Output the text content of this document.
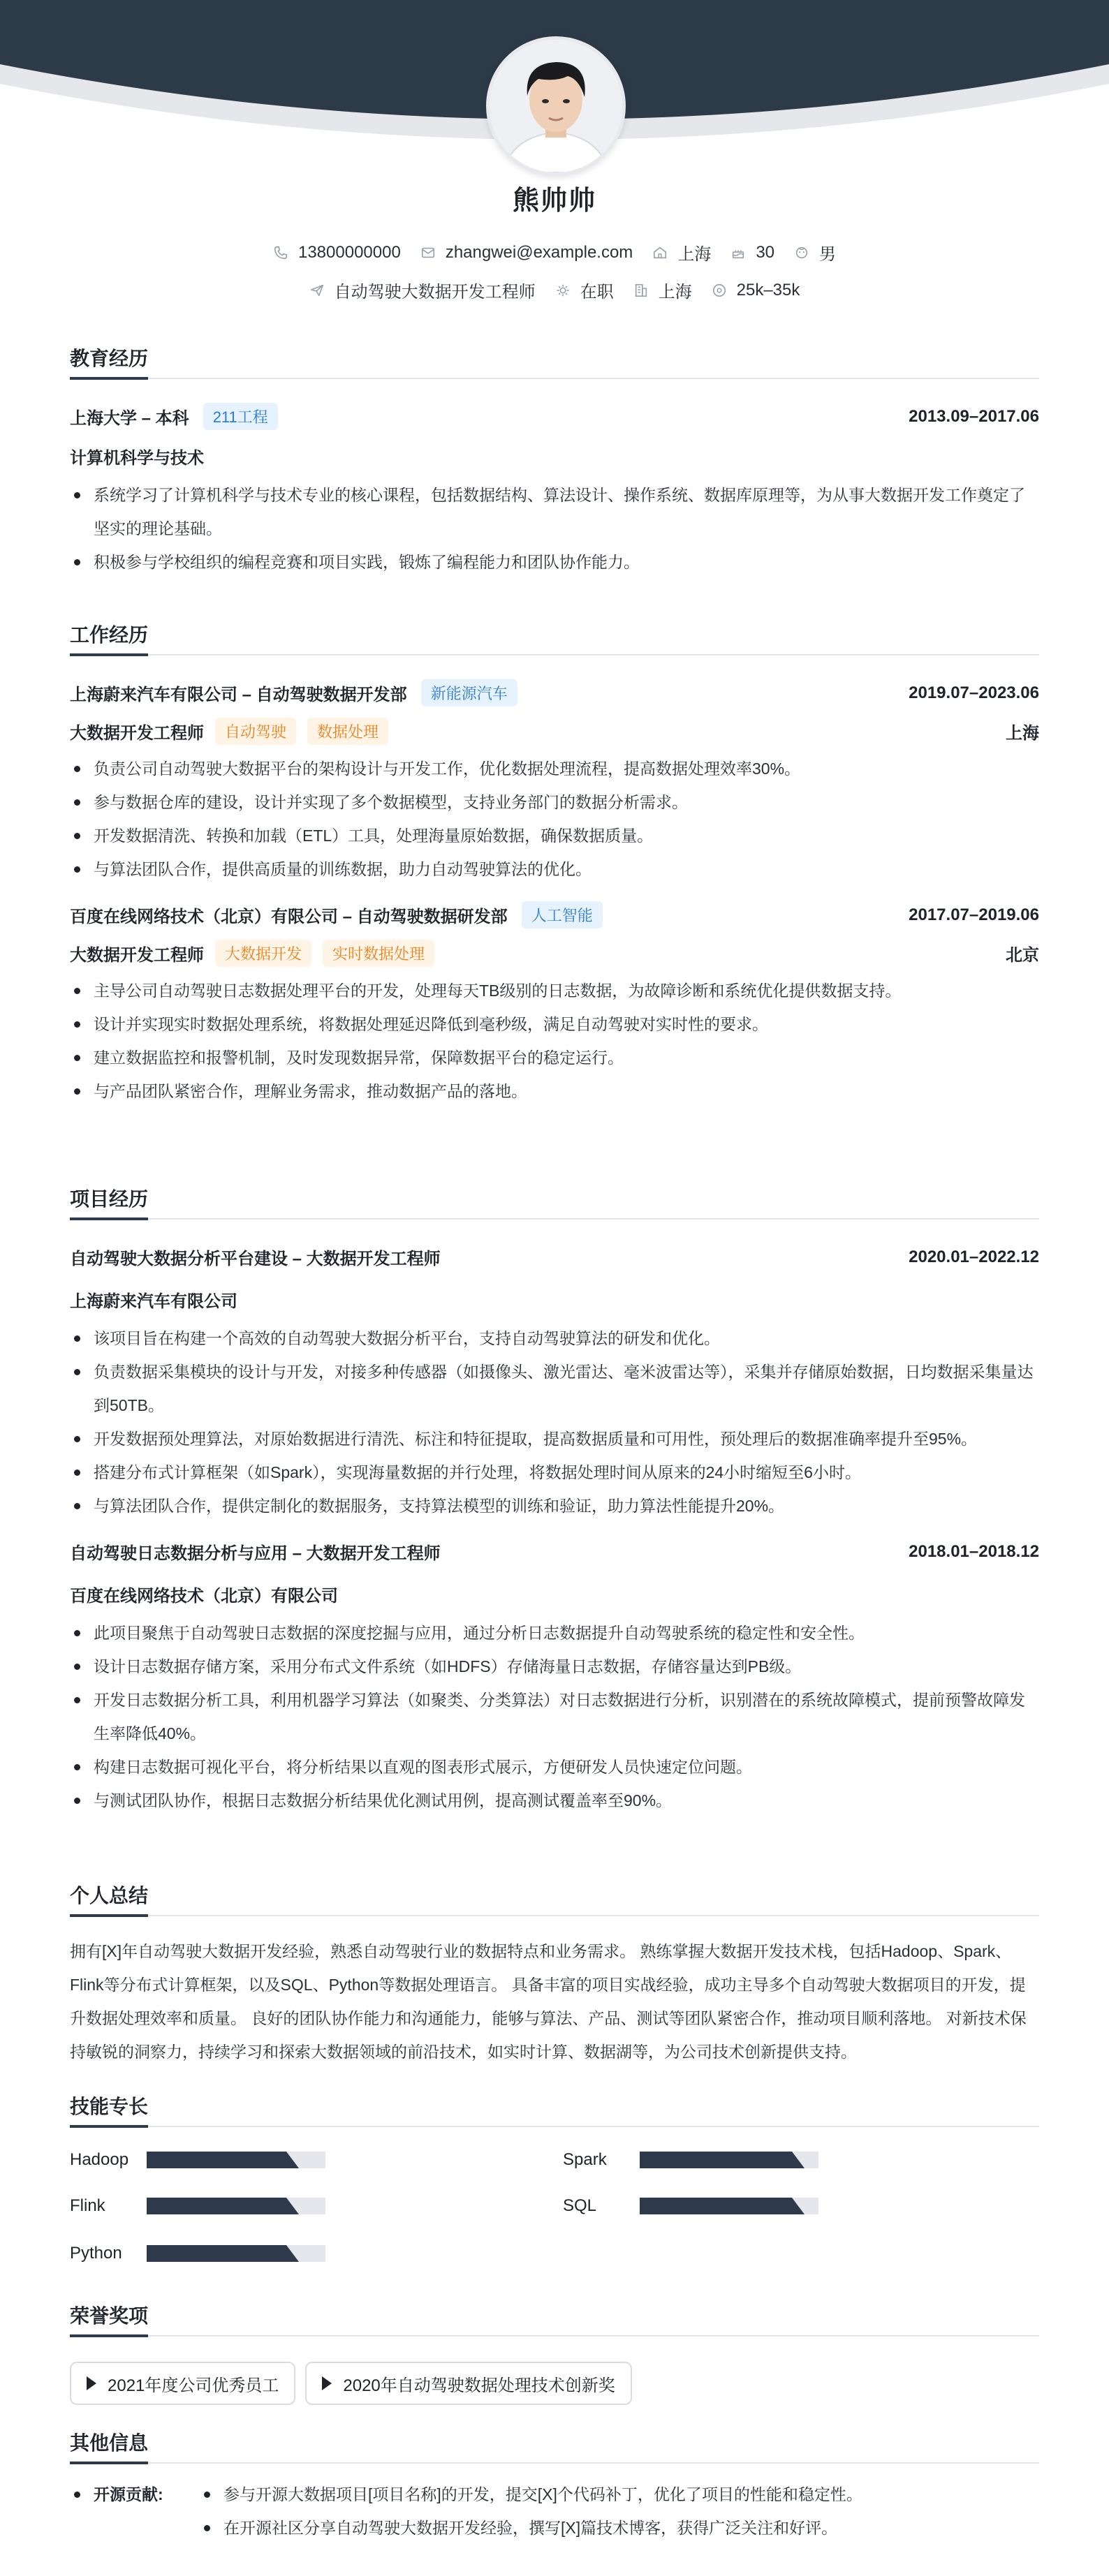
熊帅帅
13800000000	zhangwei@example.com	上海	30	男
自动驾驶大数据开发工程师	在职	上海	25k–35k
教育经历
上海大学 – 本科	211工程	2013.09–2017.06
计算机科学与技术
系统学习了计算机科学与技术专业的核心课程，包括数据结构、算法设计、操作系统、数据库原理等，为从事大数据开发工作奠定了坚实的理论基础。
积极参与学校组织的编程竞赛和项目实践，锻炼了编程能力和团队协作能力。
工作经历
上海蔚来汽车有限公司 – 自动驾驶数据开发部	新能源汽车	2019.07–2023.06
大数据开发工程师	自动驾驶	数据处理	上海
负责公司自动驾驶大数据平台的架构设计与开发工作，优化数据处理流程，提高数据处理效率30%。
参与数据仓库的建设，设计并实现了多个数据模型，支持业务部门的数据分析需求。
开发数据清洗、转换和加载（ETL）工具，处理海量原始数据，确保数据质量。
与算法团队合作，提供高质量的训练数据，助力自动驾驶算法的优化。
百度在线网络技术（北京）有限公司 – 自动驾驶数据研发部	人工智能	2017.07–2019.06
大数据开发工程师	大数据开发	实时数据处理	北京
主导公司自动驾驶日志数据处理平台的开发，处理每天TB级别的日志数据，为故障诊断和系统优化提供数据支持。
设计并实现实时数据处理系统，将数据处理延迟降低到毫秒级，满足自动驾驶对实时性的要求。
建立数据监控和报警机制，及时发现数据异常，保障数据平台的稳定运行。
与产品团队紧密合作，理解业务需求，推动数据产品的落地。
项目经历
自动驾驶大数据分析平台建设 – 大数据开发工程师	2020.01–2022.12
上海蔚来汽车有限公司
该项目旨在构建一个高效的自动驾驶大数据分析平台，支持自动驾驶算法的研发和优化。
负责数据采集模块的设计与开发，对接多种传感器（如摄像头、激光雷达、毫米波雷达等），采集并存储原始数据，日均数据采集量达到50TB。
开发数据预处理算法，对原始数据进行清洗、标注和特征提取，提高数据质量和可用性，预处理后的数据准确率提升至95%。
搭建分布式计算框架（如Spark），实现海量数据的并行处理，将数据处理时间从原来的24小时缩短至6小时。
与算法团队合作，提供定制化的数据服务，支持算法模型的训练和验证，助力算法性能提升20%。
自动驾驶日志数据分析与应用 – 大数据开发工程师	2018.01–2018.12
百度在线网络技术（北京）有限公司
此项目聚焦于自动驾驶日志数据的深度挖掘与应用，通过分析日志数据提升自动驾驶系统的稳定性和安全性。
设计日志数据存储方案，采用分布式文件系统（如HDFS）存储海量日志数据，存储容量达到PB级。
开发日志数据分析工具，利用机器学习算法（如聚类、分类算法）对日志数据进行分析，识别潜在的系统故障模式，提前预警故障发生率降低40%。
构建日志数据可视化平台，将分析结果以直观的图表形式展示，方便研发人员快速定位问题。
与测试团队协作，根据日志数据分析结果优化测试用例，提高测试覆盖率至90%。
个人总结
拥有[X]年自动驾驶大数据开发经验，熟悉自动驾驶行业的数据特点和业务需求。 熟练掌握大数据开发技术栈，包括Hadoop、Spark、Flink等分布式计算框架，以及SQL、Python等数据处理语言。 具备丰富的项目实战经验，成功主导多个自动驾驶大数据项目的开发，提升数据处理效率和质量。 良好的团队协作能力和沟通能力，能够与算法、产品、测试等团队紧密合作，推动项目顺利落地。 对新技术保持敏锐的洞察力，持续学习和探索大数据领域的前沿技术，如实时计算、数据湖等，为公司技术创新提供支持。
技能专长
Hadoop	Spark
Flink	SQL
Python
荣誉奖项
2021年度公司优秀员工	2020年自动驾驶数据处理技术创新奖
其他信息
开源贡献:	参与开源大数据项目[项目名称]的开发，提交[X]个代码补丁，优化了项目的性能和稳定性。
在开源社区分享自动驾驶大数据开发经验，撰写[X]篇技术博客，获得广泛关注和好评。
